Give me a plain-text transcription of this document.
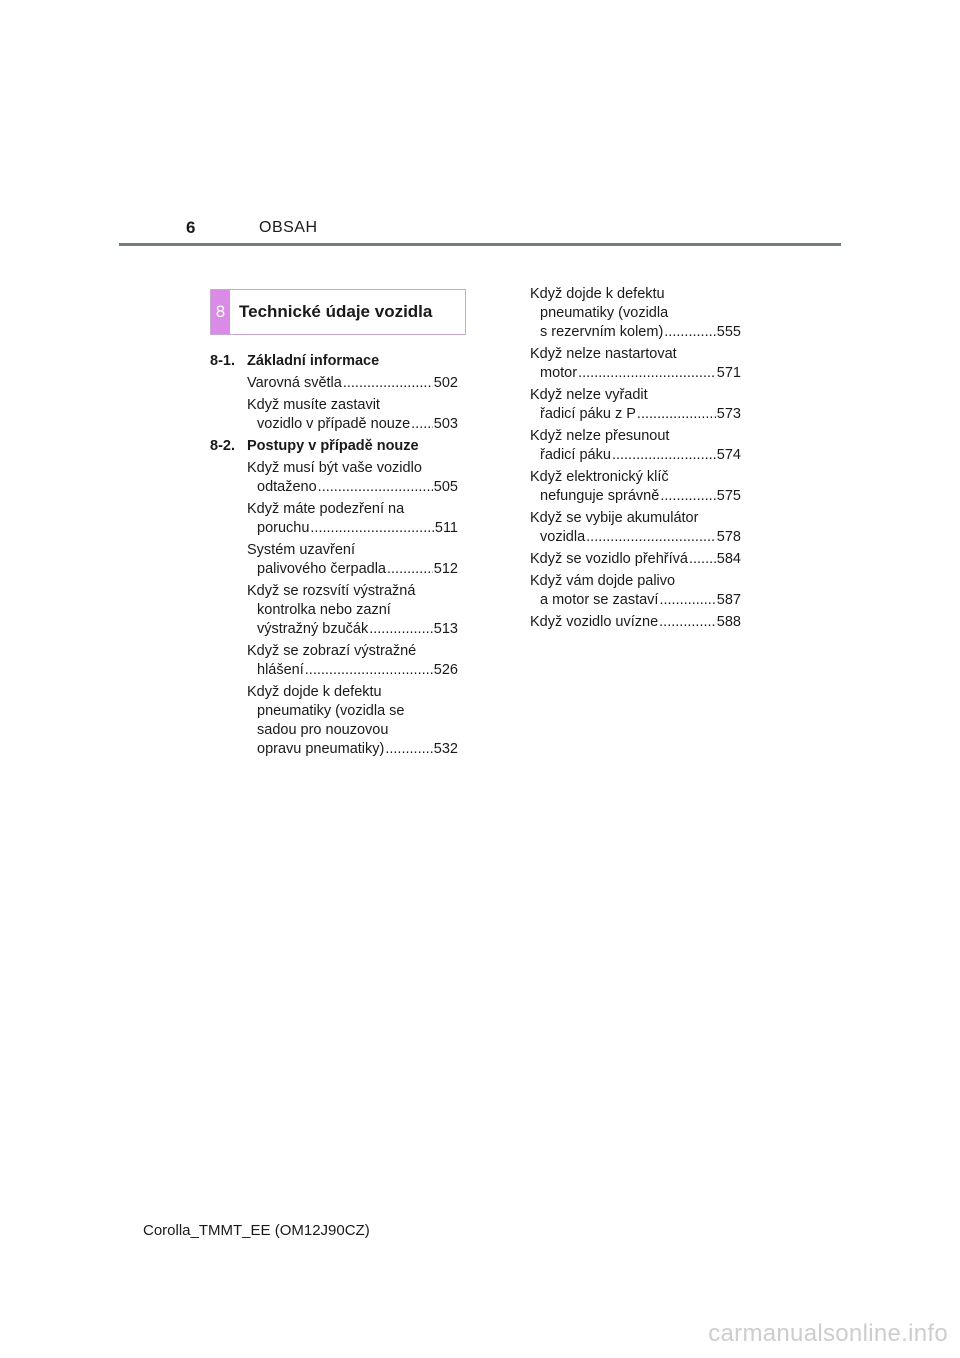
6	OBSAH
8 Technické údaje vozidla
8-1. Základní informace
Varovná světla .....	502
Když musíte zastavit
vozidlo v případě nouze ..... 503
8-2. Postupy v případě nouze
Když musí být vaše vozidlo
odtaženo .....	505
Když máte podezření na
poruchu .....	511
Systém uzavření
palivového čerpadla .....	512
Když se rozsvítí výstražná
kontrolka nebo zazní
výstražný bzučák .....	513
Když se zobrazí výstražné
hlášení .....	526
Když dojde k defektu
pneumatiky (vozidla se
sadou pro nouzovou
opravu pneumatiky) .....	532
Když dojde k defektu
pneumatiky (vozidla
s rezervním kolem) .....	555
Když nelze nastartovat
motor .....	571
Když nelze vyřadit
řadicí páku z P .....	573
Když nelze přesunout
řadicí páku .....	574
Když elektronický klíč
nefunguje správně .....	575
Když se vybije akumulátor
vozidla .....	578
Když se vozidlo přehřívá ..... 584
Když vám dojde palivo
a motor se zastaví .....	587
Když vozidlo uvízne .....	588
Corolla_TMMT_EE (OM12J90CZ)
carmanualsonline.info
